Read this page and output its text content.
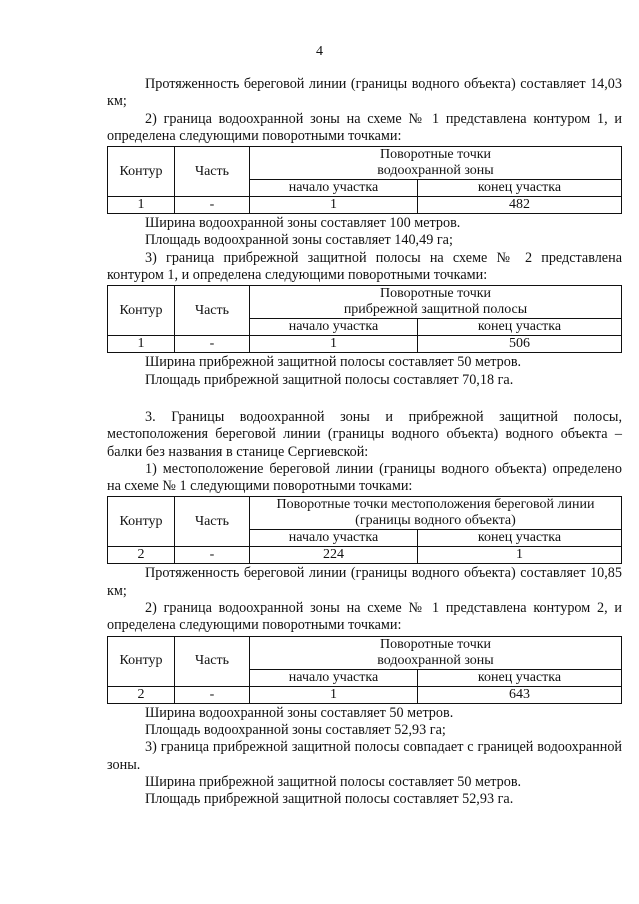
4

Протяженность береговой линии (границы водного объекта) составляет 14,03 км;

2) граница водоохранной зоны на схеме № 1 представлена контуром 1, и определена следующими поворотными точками:

Контур	Часть	Поворотные точки
водоохранной зоны	
		начало участка	конец участка
1	-	1	482

Ширина водоохранной зоны составляет 100 метров.

Площадь водоохранной зоны составляет 140,49 га;

3) граница прибрежной защитной полосы на схеме № 2 представлена контуром 1, и определена следующими поворотными точками:

Контур	Часть	Поворотные точки
прибрежной защитной полосы	
		начало участка	конец участка
1	-	1	506

Ширина прибрежной защитной полосы составляет 50 метров.

Площадь прибрежной защитной полосы составляет 70,18 га.

3. Границы водоохранной зоны и прибрежной защитной полосы, местоположения береговой линии (границы водного объекта) водного объекта – балки без названия в станице Сергиевской:

1) местоположение береговой линии (границы водного объекта) определено на схеме № 1 следующими поворотными точками:

Контур	Часть	Поворотные точки местоположения береговой линии
(границы водного объекта)	
		начало участка	конец участка
2	-	224	1

Протяженность береговой линии (границы водного объекта) составляет 10,85 км;

2) граница водоохранной зоны на схеме № 1 представлена контуром 2, и определена следующими поворотными точками:

Контур	Часть	Поворотные точки
водоохранной зоны	
		начало участка	конец участка
2	-	1	643

Ширина водоохранной зоны составляет 50 метров.

Площадь водоохранной зоны составляет 52,93 га;

3) граница прибрежной защитной полосы совпадает с границей водоохранной зоны.

Ширина прибрежной защитной полосы составляет 50 метров.

Площадь прибрежной защитной полосы составляет 52,93 га.
